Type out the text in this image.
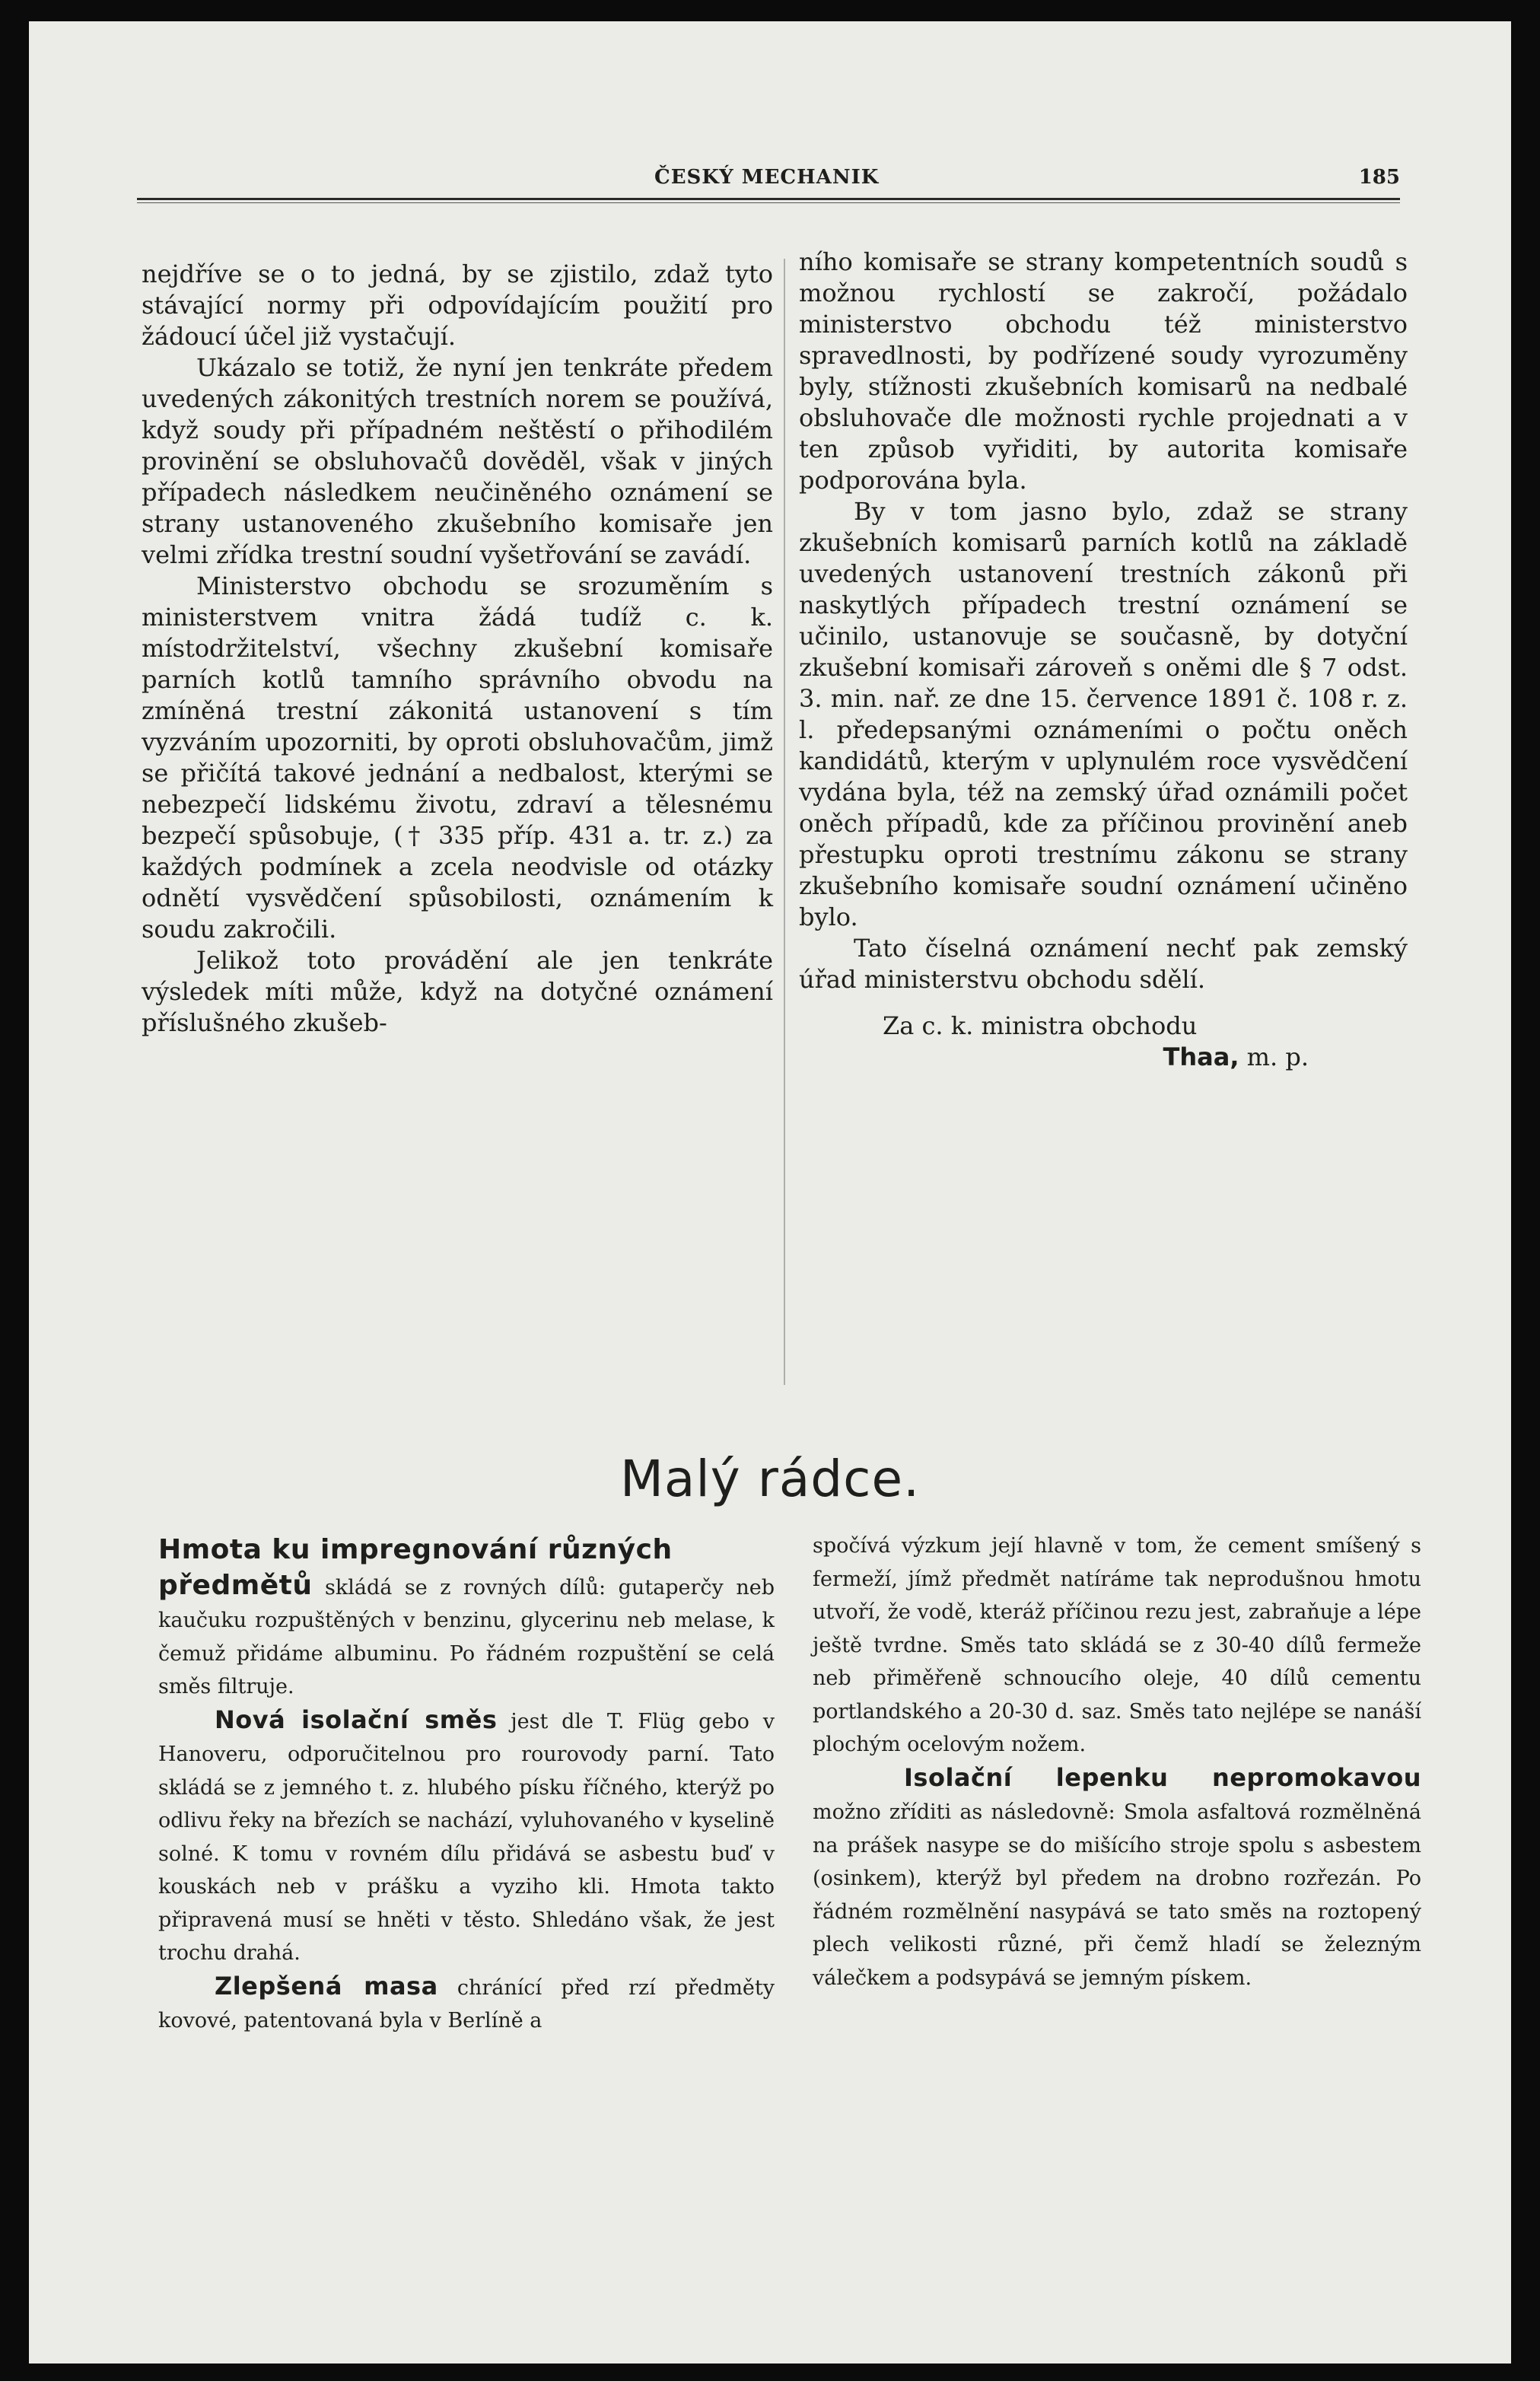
ČESKÝ MECHANIK	185

nejdříve se o to jedná, by se zjistilo, zdaž tyto stávající normy při odpovídajícím použití pro žádoucí účel již vystačují.

Ukázalo se totiž, že nyní jen tenkráte předem uvedených zákonitých trestních norem se používá, když soudy při případném neštěstí o přihodilém provinění se obsluhovačů dověděl, však v jiných případech následkem neučiněného oznámení se strany ustanoveného zkušebního komisaře jen velmi zřídka trestní soudní vyšetřování se zavádí.

Ministerstvo obchodu se srozuměním s ministerstvem vnitra žádá tudíž c. k. místodržitelství, všechny zkušební komisaře parních kotlů tamního správního obvodu na zmíněná trestní zákonitá ustanovení s tím vyzváním upozorniti, by oproti obsluhovačům, jimž se přičítá takové jednání a nedbalost, kterými se nebezpečí lidskému životu, zdraví a tělesnému bezpečí spůsobuje, († 335 příp. 431 a. tr. z.) za každých podmínek a zcela neodvisle od otázky odnětí vysvědčení spůsobilosti, oznámením k soudu zakročili.

Jelikož toto provádění ale jen tenkráte výsledek míti může, když na dotyčné oznámení příslušného zkušeb-

ního komisaře se strany kompetentních soudů s možnou rychlostí se zakročí, požádalo ministerstvo obchodu též ministerstvo spravedlnosti, by podřízené soudy vyrozuměny byly, stížnosti zkušebních komisarů na nedbalé obsluhovače dle možnosti rychle projednati a v ten způsob vyřiditi, by autorita komisaře podporována byla.

By v tom jasno bylo, zdaž se strany zkušebních komisarů parních kotlů na základě uvedených ustanovení trestních zákonů při naskytlých případech trestní oznámení se učinilo, ustanovuje se současně, by dotyční zkušební komisaři zároveň s oněmi dle § 7 odst. 3. min. nař. ze dne 15. července 1891 č. 108 r. z. l. předepsanými oznámeními o počtu oněch kandidátů, kterým v uplynulém roce vysvědčení vydána byla, též na zemský úřad oznámili počet oněch případů, kde za příčinou provinění aneb přestupku oproti trestnímu zákonu se strany zkušebního komisaře soudní oznámení učiněno bylo.

Tato číselná oznámení nechť pak zemský úřad ministerstvu obchodu sdělí.

Za c. k. ministra obchodu

Thaa, m. p.

Malý rádce.

Hmota ku impregnování různých
předmětů skládá se z rovných dílů: gutaperčy neb kaučuku rozpuštěných v benzinu, glycerinu neb melase, k čemuž přidáme albuminu. Po řádném rozpuštění se celá směs filtruje.

Nová isolační směs jest dle T. Flüg gebo v Hanoveru, odporučitelnou pro rourovody parní. Tato skládá se z jemného t. z. hlubého písku říčného, kterýž po odlivu řeky na březích se nachází, vyluhovaného v kyselině solné. K tomu v rovném dílu přidává se asbestu buď v kouskách neb v prášku a vyziho kli. Hmota takto připravená musí se hněti v těsto. Shledáno však, že jest trochu drahá.

Zlepšená masa chránící před rzí předměty kovové, patentovaná byla v Berlíně a

spočívá výzkum její hlavně v tom, že cement smíšený s fermeží, jímž předmět natíráme tak neprodušnou hmotu utvoří, že vodě, kteráž příčinou rezu jest, zabraňuje a lépe ještě tvrdne. Směs tato skládá se z 30-40 dílů fermeže neb přiměřeně schnoucího oleje, 40 dílů cementu portlandského a 20-30 d. saz. Směs tato nejlépe se nanáší plochým ocelovým nožem.

Isolační lepenku nepromokavou možno zříditi as následovně: Smola asfaltová rozmělněná na prášek nasype se do mišícího stroje spolu s asbestem (osinkem), kterýž byl předem na drobno rozřezán. Po řádném rozmělnění nasypává se tato směs na roztopený plech velikosti různé, při čemž hladí se železným válečkem a podsypává se jemným pískem.
